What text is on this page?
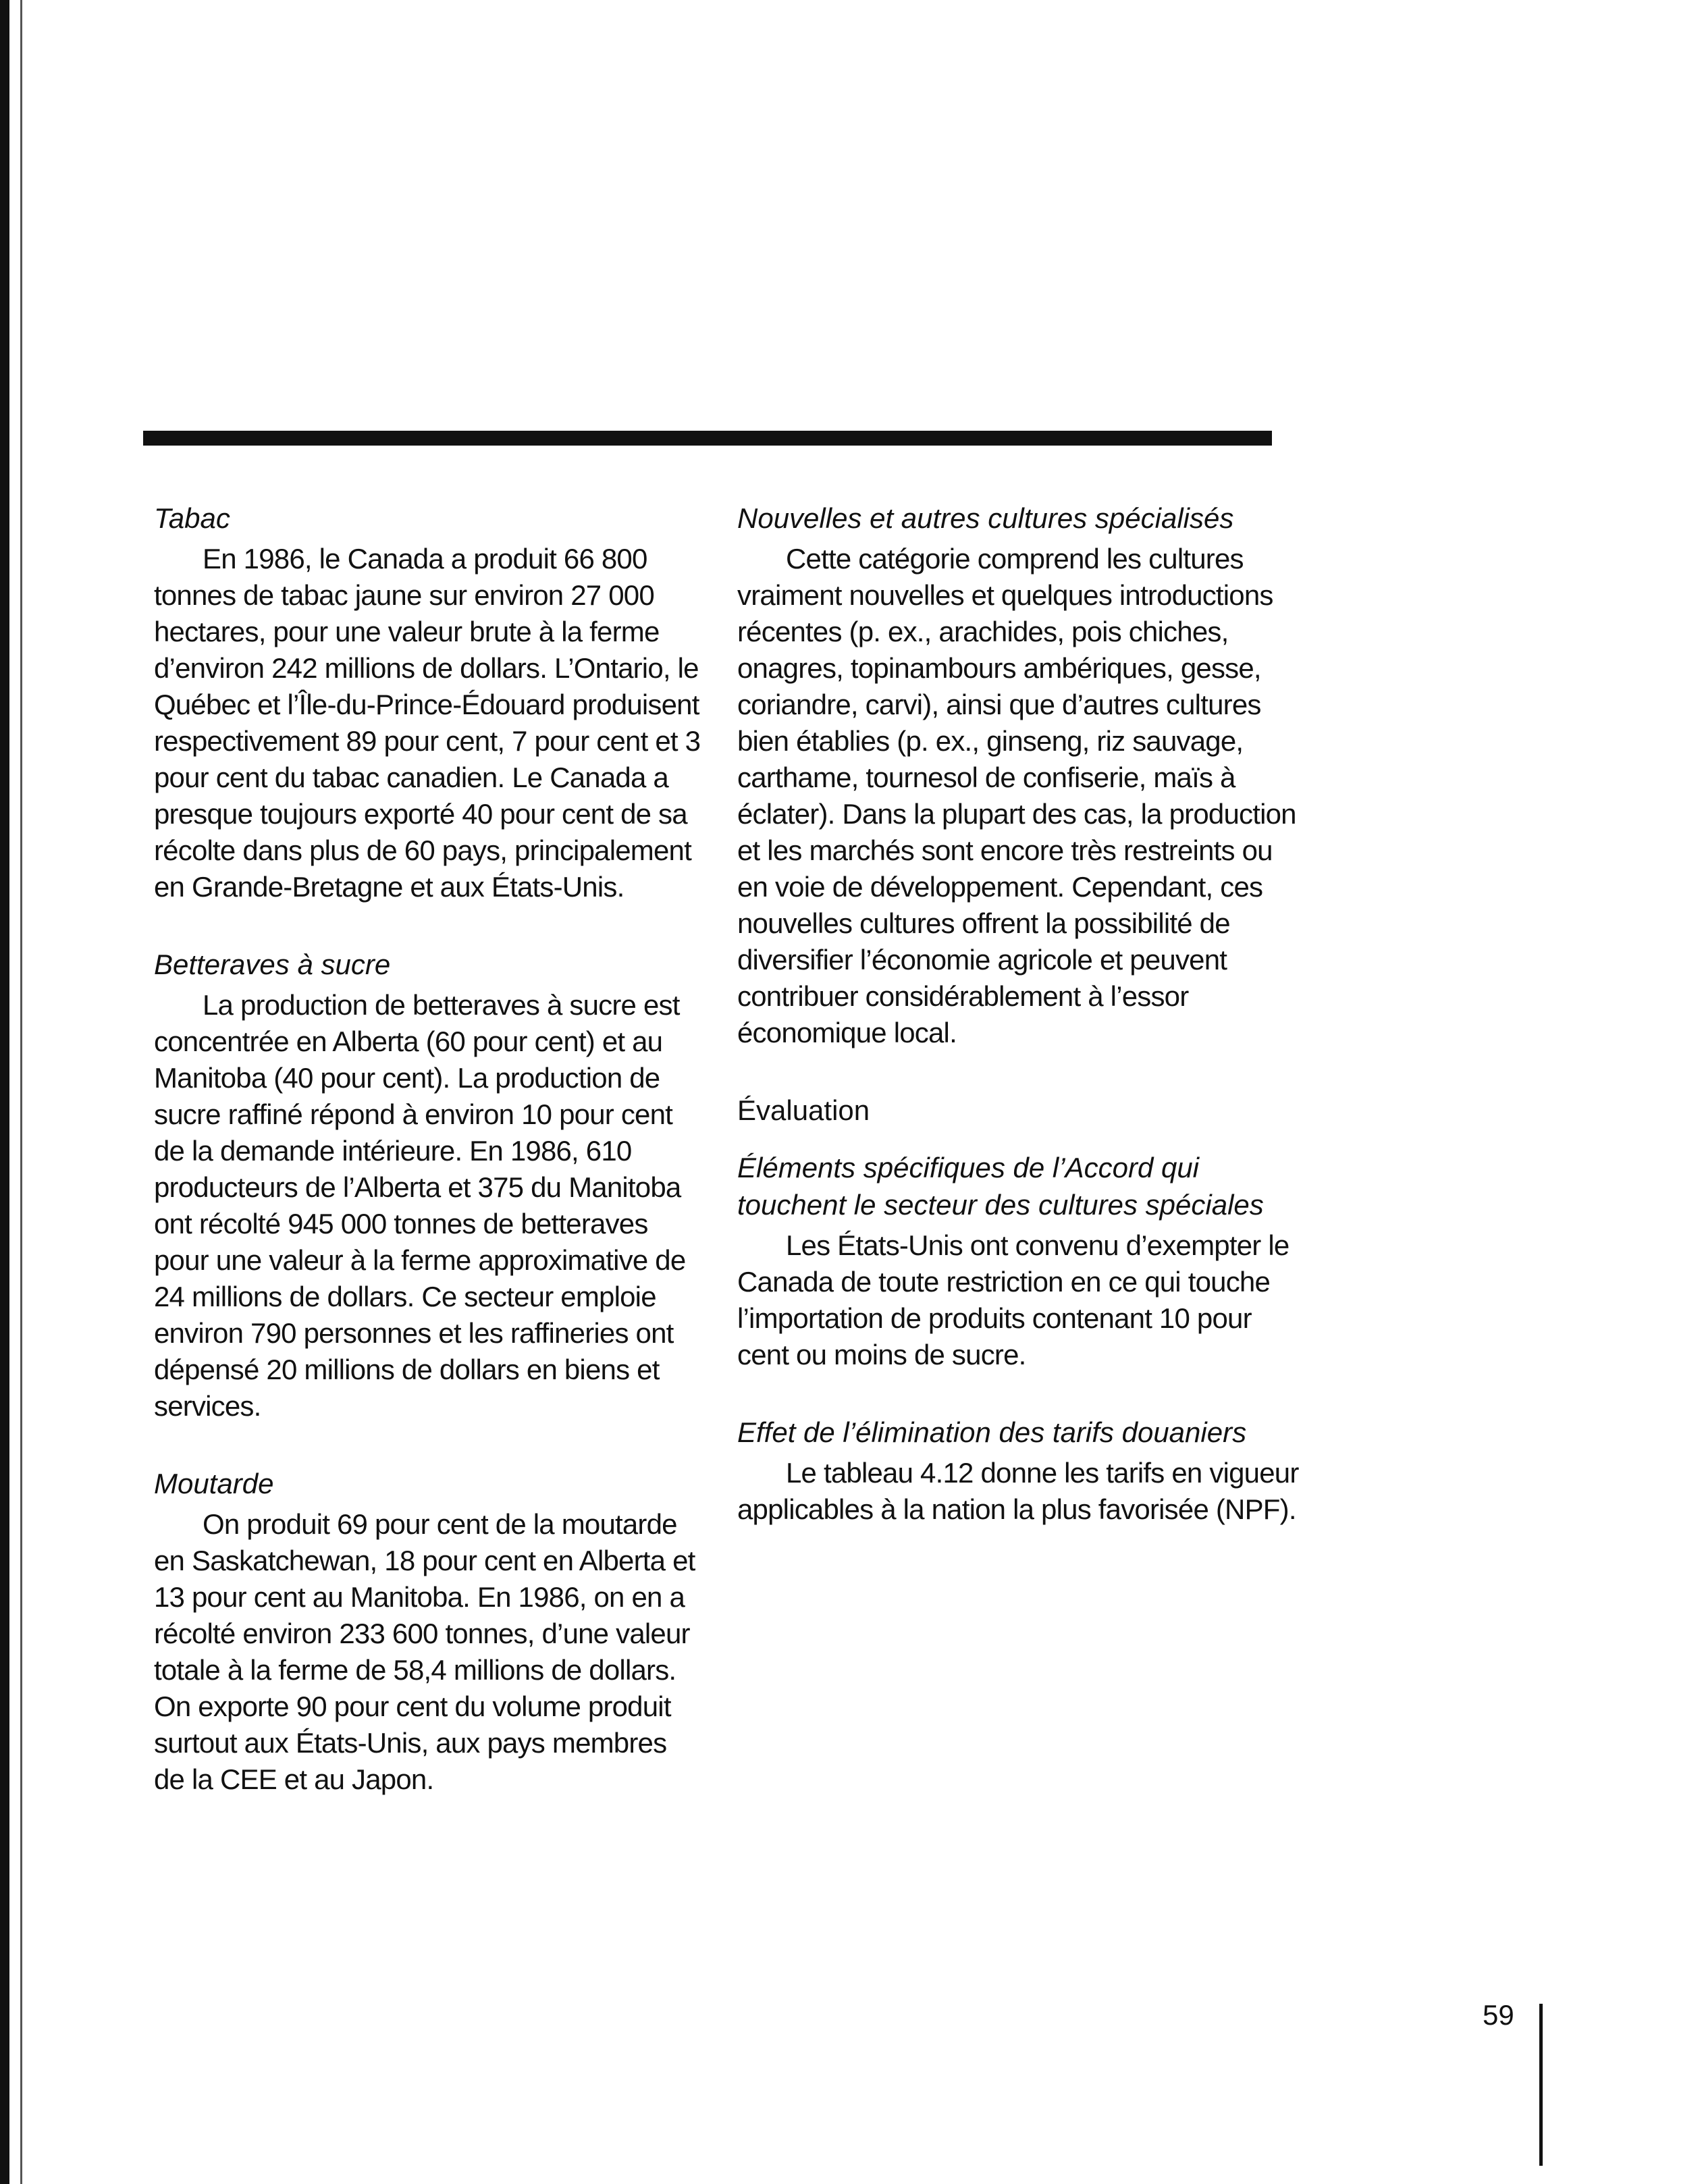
Tabac

En 1986, le Canada a produit 66 800 tonnes de tabac jaune sur environ 27 000 hectares, pour une valeur brute à la ferme d’environ 242 millions de dollars. L’Ontario, le Québec et l’Île-du-Prince-Édouard produisent respectivement 89 pour cent, 7 pour cent et 3 pour cent du tabac canadien. Le Canada a presque toujours exporté 40 pour cent de sa récolte dans plus de 60 pays, principalement en Grande-Bretagne et aux États-Unis.

Betteraves à sucre

La production de betteraves à sucre est concentrée en Alberta (60 pour cent) et au Manitoba (40 pour cent). La production de sucre raffiné répond à environ 10 pour cent de la demande intérieure. En 1986, 610 producteurs de l’Alberta et 375 du Manitoba ont récolté 945 000 tonnes de betteraves pour une valeur à la ferme approximative de 24 millions de dollars. Ce secteur emploie environ 790 personnes et les raffineries ont dépensé 20 millions de dollars en biens et services.

Moutarde

On produit 69 pour cent de la moutarde en Saskatchewan, 18 pour cent en Alberta et 13 pour cent au Manitoba. En 1986, on en a récolté environ 233 600 tonnes, d’une valeur totale à la ferme de 58,4 millions de dollars. On exporte 90 pour cent du volume produit surtout aux États-Unis, aux pays membres de la CEE et au Japon.

Nouvelles et autres cultures spécialisés

Cette catégorie comprend les cultures vraiment nouvelles et quelques introductions récentes (p. ex., arachides, pois chiches, onagres, topinambours ambériques, gesse, coriandre, carvi), ainsi que d’autres cultures bien établies (p. ex., ginseng, riz sauvage, carthame, tournesol de confiserie, maïs à éclater). Dans la plupart des cas, la production et les marchés sont encore très restreints ou en voie de développement. Cependant, ces nouvelles cultures offrent la possibilité de diversifier l’économie agricole et peuvent contribuer considérablement à l’essor économique local.

Évaluation
Éléments spécifiques de l’Accord qui touchent le secteur des cultures spéciales

Les États-Unis ont convenu d’exempter le Canada de toute restriction en ce qui touche l’importation de produits contenant 10 pour cent ou moins de sucre.

Effet de l’élimination des tarifs douaniers

Le tableau 4.12 donne les tarifs en vigueur applicables à la nation la plus favorisée (NPF).

59
